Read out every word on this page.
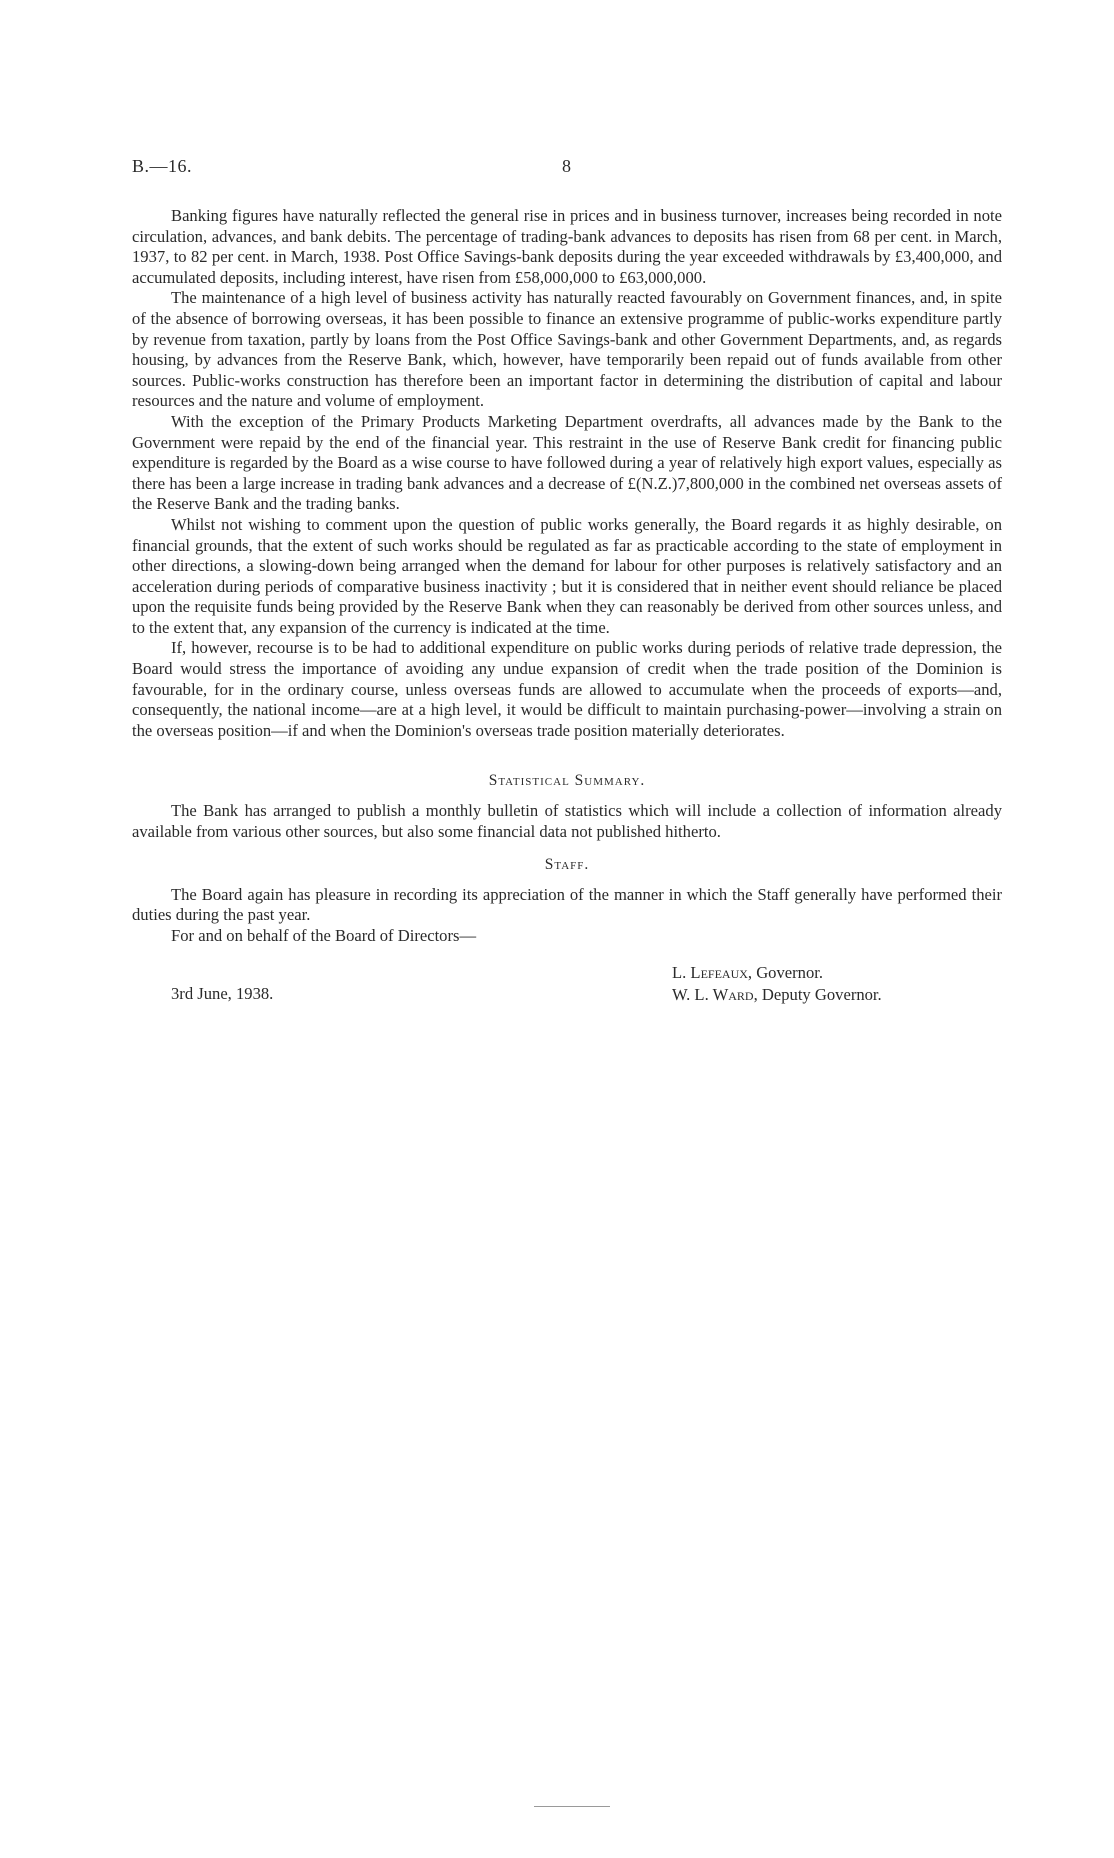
B.—16.	8

Banking figures have naturally reflected the general rise in prices and in business turnover, increases being recorded in note circulation, advances, and bank debits. The percentage of trading-bank advances to deposits has risen from 68 per cent. in March, 1937, to 82 per cent. in March, 1938. Post Office Savings-bank deposits during the year exceeded withdrawals by £3,400,000, and accumulated deposits, including interest, have risen from £58,000,000 to £63,000,000.

The maintenance of a high level of business activity has naturally reacted favourably on Government finances, and, in spite of the absence of borrowing overseas, it has been possible to finance an extensive programme of public-works expenditure partly by revenue from taxation, partly by loans from the Post Office Savings-bank and other Government Departments, and, as regards housing, by advances from the Reserve Bank, which, however, have temporarily been repaid out of funds available from other sources. Public-works construction has therefore been an important factor in determining the distribution of capital and labour resources and the nature and volume of employment.

With the exception of the Primary Products Marketing Department overdrafts, all advances made by the Bank to the Government were repaid by the end of the financial year. This restraint in the use of Reserve Bank credit for financing public expenditure is regarded by the Board as a wise course to have followed during a year of relatively high export values, especially as there has been a large increase in trading bank advances and a decrease of £(N.Z.)7,800,000 in the combined net overseas assets of the Reserve Bank and the trading banks.

Whilst not wishing to comment upon the question of public works generally, the Board regards it as highly desirable, on financial grounds, that the extent of such works should be regulated as far as practicable according to the state of employment in other directions, a slowing-down being arranged when the demand for labour for other purposes is relatively satisfactory and an acceleration during periods of comparative business inactivity ; but it is considered that in neither event should reliance be placed upon the requisite funds being provided by the Reserve Bank when they can reasonably be derived from other sources unless, and to the extent that, any expansion of the currency is indicated at the time.

If, however, recourse is to be had to additional expenditure on public works during periods of relative trade depression, the Board would stress the importance of avoiding any undue expansion of credit when the trade position of the Dominion is favourable, for in the ordinary course, unless overseas funds are allowed to accumulate when the proceeds of exports—and, consequently, the national income—are at a high level, it would be difficult to maintain purchasing-power—involving a strain on the overseas position—if and when the Dominion's overseas trade position materially deteriorates.

Statistical Summary.

The Bank has arranged to publish a monthly bulletin of statistics which will include a collection of information already available from various other sources, but also some financial data not published hitherto.

Staff.

The Board again has pleasure in recording its appreciation of the manner in which the Staff generally have performed their duties during the past year.

For and on behalf of the Board of Directors—

3rd June, 1938.
L. Lefeaux, Governor.
W. L. Ward, Deputy Governor.
